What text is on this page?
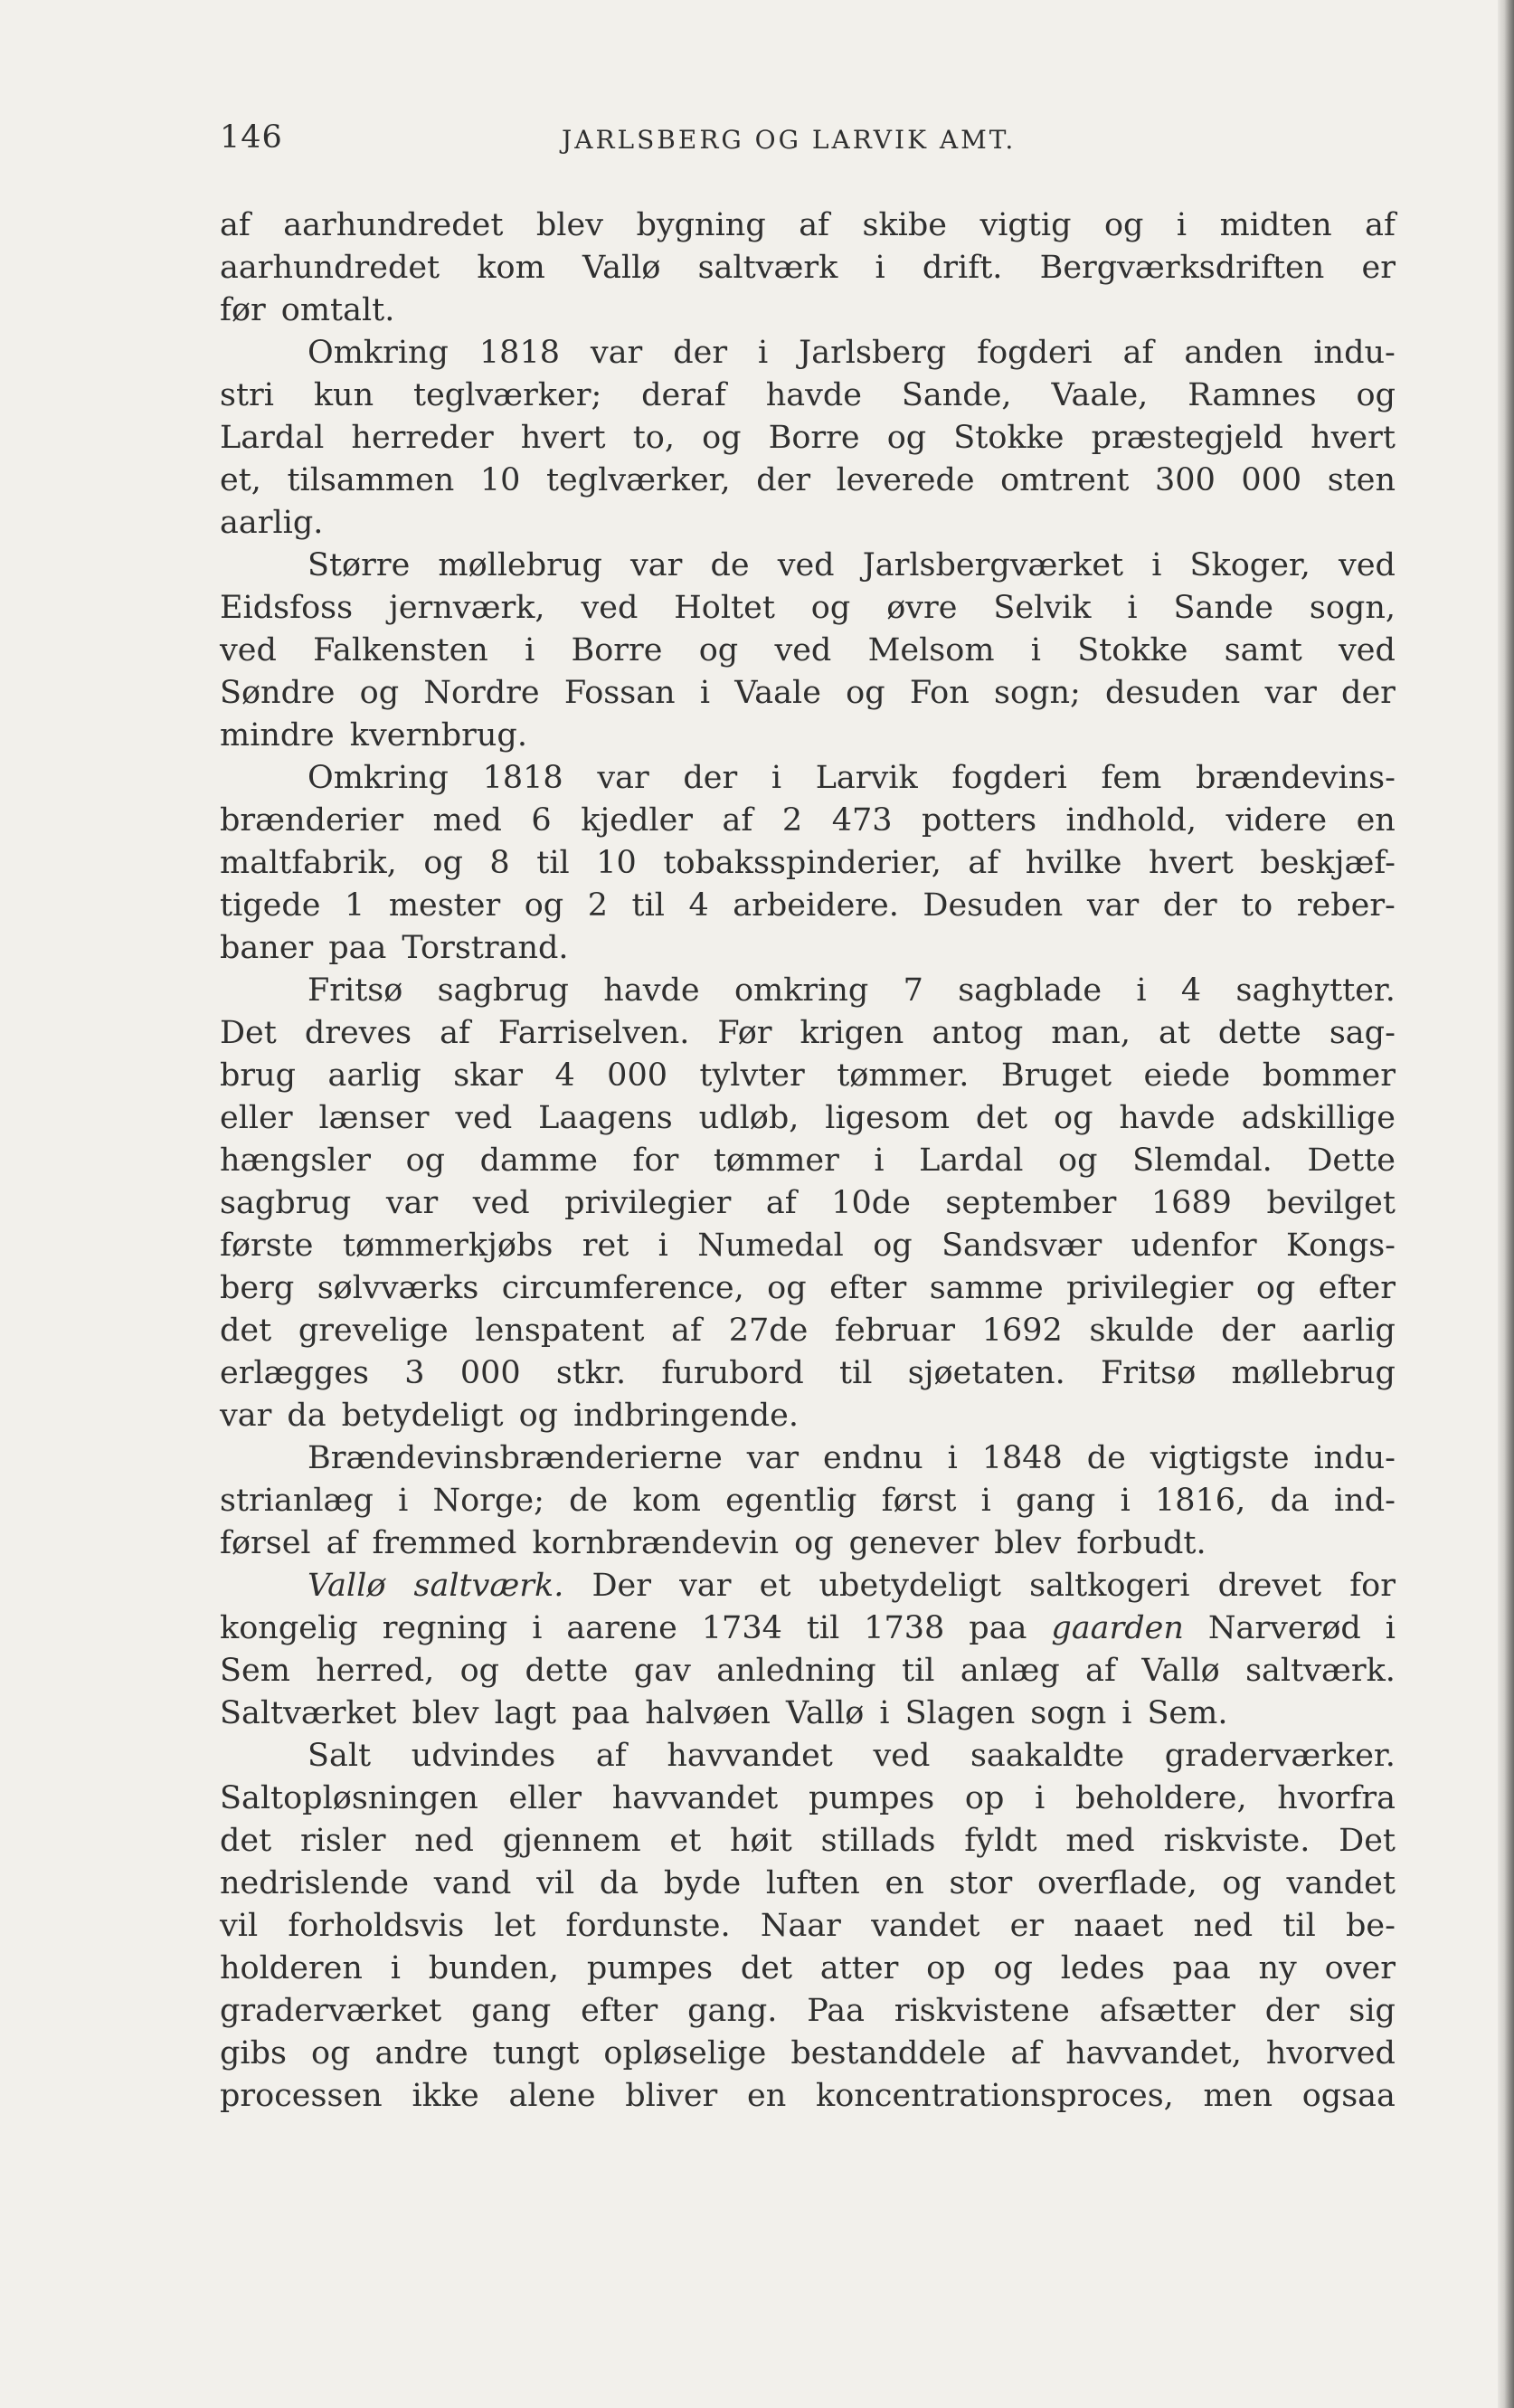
146	JARLSBERG OG LARVIK AMT.
af aarhundredet blev bygning af skibe vigtig og i midten af
aarhundredet kom Vallø saltværk i drift. Bergværksdriften er
før omtalt.
Omkring 1818 var der i Jarlsberg fogderi af anden indu-
stri kun teglværker; deraf havde Sande, Vaale, Ramnes og
Lardal herreder hvert to, og Borre og Stokke præstegjeld hvert
et, tilsammen 10 teglværker, der leverede omtrent 300 000 sten
aarlig.
Større møllebrug var de ved Jarlsbergværket i Skoger, ved
Eidsfoss jernværk, ved Holtet og øvre Selvik i Sande sogn,
ved Falkensten i Borre og ved Melsom i Stokke samt ved
Søndre og Nordre Fossan i Vaale og Fon sogn; desuden var der
mindre kvernbrug.
Omkring 1818 var der i Larvik fogderi fem brændevins-
brænderier med 6 kjedler af 2 473 potters indhold, videre en
maltfabrik, og 8 til 10 tobaksspinderier, af hvilke hvert beskjæf-
tigede 1 mester og 2 til 4 arbeidere. Desuden var der to reber-
baner paa Torstrand.
Fritsø sagbrug havde omkring 7 sagblade i 4 saghytter.
Det dreves af Farriselven. Før krigen antog man, at dette sag-
brug aarlig skar 4 000 tylvter tømmer. Bruget eiede bommer
eller lænser ved Laagens udløb, ligesom det og havde adskillige
hængsler og damme for tømmer i Lardal og Slemdal. Dette
sagbrug var ved privilegier af 10de september 1689 bevilget
første tømmerkjøbs ret i Numedal og Sandsvær udenfor Kongs-
berg sølvværks circumference, og efter samme privilegier og efter
det grevelige lenspatent af 27de februar 1692 skulde der aarlig
erlægges 3 000 stkr. furubord til sjøetaten. Fritsø møllebrug
var da betydeligt og indbringende.
Brændevinsbrænderierne var endnu i 1848 de vigtigste indu-
strianlæg i Norge; de kom egentlig først i gang i 1816, da ind-
førsel af fremmed kornbrændevin og genever blev forbudt.
Vallø saltværk. Der var et ubetydeligt saltkogeri drevet for
kongelig regning i aarene 1734 til 1738 paa gaarden Narverød i
Sem herred, og dette gav anledning til anlæg af Vallø saltværk.
Saltværket blev lagt paa halvøen Vallø i Slagen sogn i Sem.
Salt udvindes af havvandet ved saakaldte graderværker.
Saltopløsningen eller havvandet pumpes op i beholdere, hvorfra
det risler ned gjennem et høit stillads fyldt med riskviste. Det
nedrislende vand vil da byde luften en stor overflade, og vandet
vil forholdsvis let fordunste. Naar vandet er naaet ned til be-
holderen i bunden, pumpes det atter op og ledes paa ny over
graderværket gang efter gang. Paa riskvistene afsætter der sig
gibs og andre tungt opløselige bestanddele af havvandet, hvorved
processen ikke alene bliver en koncentrationsproces, men ogsaa
